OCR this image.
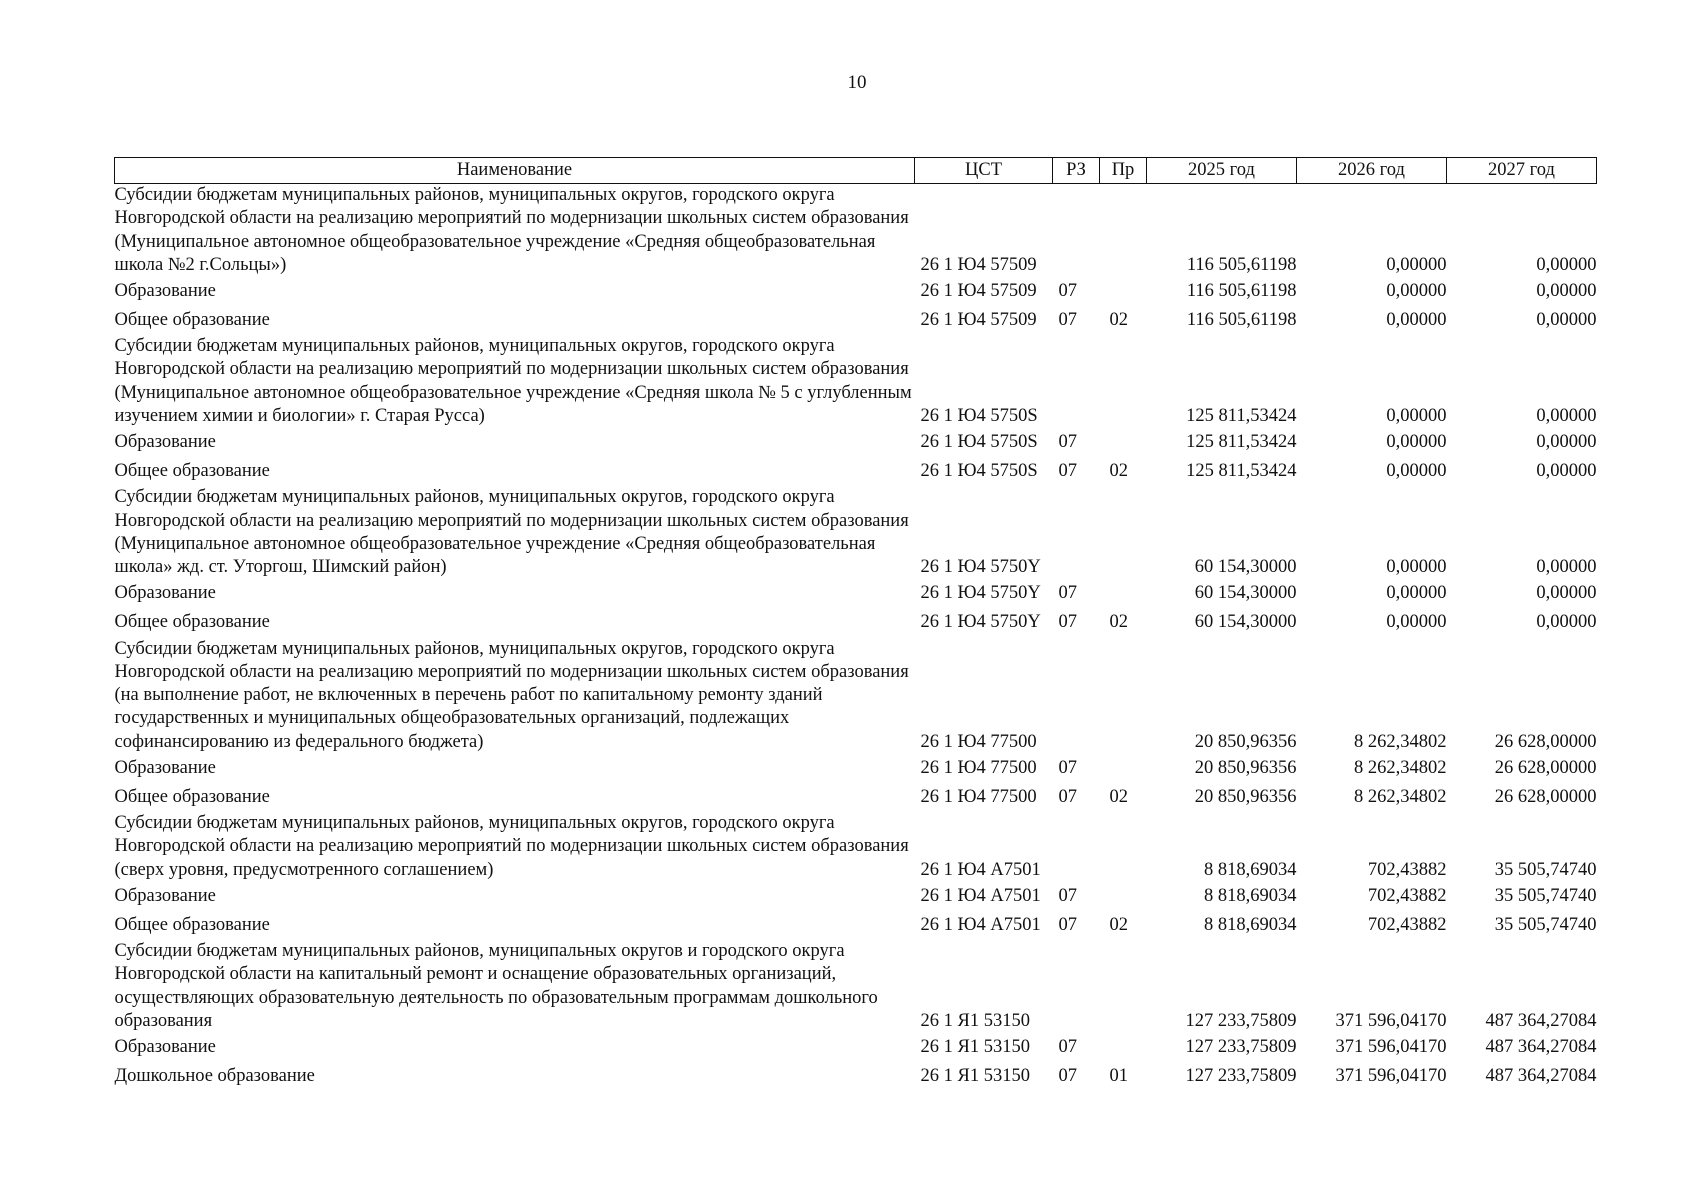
10
Наименование	ЦСТ	РЗ	Пр	2025 год	2026 год	2027 год
Субсидии бюджетам муниципальных районов, муниципальных округов, городского округа Новгородской области на реализацию мероприятий по модернизации школьных систем образования (Муниципальное автономное общеобразовательное учреждение «Средняя общеобразовательная школа №2 г.Сольцы»)	26 1 Ю4 57509			116 505,61198	0,00000	0,00000
Образование	26 1 Ю4 57509	07		116 505,61198	0,00000	0,00000
Общее образование	26 1 Ю4 57509	07	02	116 505,61198	0,00000	0,00000
Субсидии бюджетам муниципальных районов, муниципальных округов, городского округа Новгородской области на реализацию мероприятий по модернизации школьных систем образования (Муниципальное автономное общеобразовательное учреждение «Средняя школа № 5 с углубленным изучением химии и биологии» г. Старая Русса)	26 1 Ю4 5750S			125 811,53424	0,00000	0,00000
Образование	26 1 Ю4 5750S	07		125 811,53424	0,00000	0,00000
Общее образование	26 1 Ю4 5750S	07	02	125 811,53424	0,00000	0,00000
Субсидии бюджетам муниципальных районов, муниципальных округов, городского округа Новгородской области на реализацию мероприятий по модернизации школьных систем образования (Муниципальное автономное общеобразовательное учреждение «Средняя общеобразовательная школа» жд. ст. Уторгош, Шимский район)	26 1 Ю4 5750Y			60 154,30000	0,00000	0,00000
Образование	26 1 Ю4 5750Y	07		60 154,30000	0,00000	0,00000
Общее образование	26 1 Ю4 5750Y	07	02	60 154,30000	0,00000	0,00000
Субсидии бюджетам муниципальных районов, муниципальных округов, городского округа Новгородской области на реализацию мероприятий по модернизации школьных систем образования (на выполнение работ, не включенных в перечень работ по капитальному ремонту зданий государственных и муниципальных общеобразовательных организаций, подлежащих софинансированию из федерального бюджета)	26 1 Ю4 77500			20 850,96356	8 262,34802	26 628,00000
Образование	26 1 Ю4 77500	07		20 850,96356	8 262,34802	26 628,00000
Общее образование	26 1 Ю4 77500	07	02	20 850,96356	8 262,34802	26 628,00000
Субсидии бюджетам муниципальных районов, муниципальных округов, городского округа Новгородской области на реализацию мероприятий по модернизации школьных систем образования (сверх уровня, предусмотренного соглашением)	26 1 Ю4 А7501			8 818,69034	702,43882	35 505,74740
Образование	26 1 Ю4 А7501	07		8 818,69034	702,43882	35 505,74740
Общее образование	26 1 Ю4 А7501	07	02	8 818,69034	702,43882	35 505,74740
Субсидии бюджетам муниципальных районов, муниципальных округов и городского округа Новгородской области на капитальный ремонт и оснащение образовательных организаций, осуществляющих образовательную деятельность по образовательным программам дошкольного образования	26 1 Я1 53150			127 233,75809	371 596,04170	487 364,27084
Образование	26 1 Я1 53150	07		127 233,75809	371 596,04170	487 364,27084
Дошкольное образование	26 1 Я1 53150	07	01	127 233,75809	371 596,04170	487 364,27084
